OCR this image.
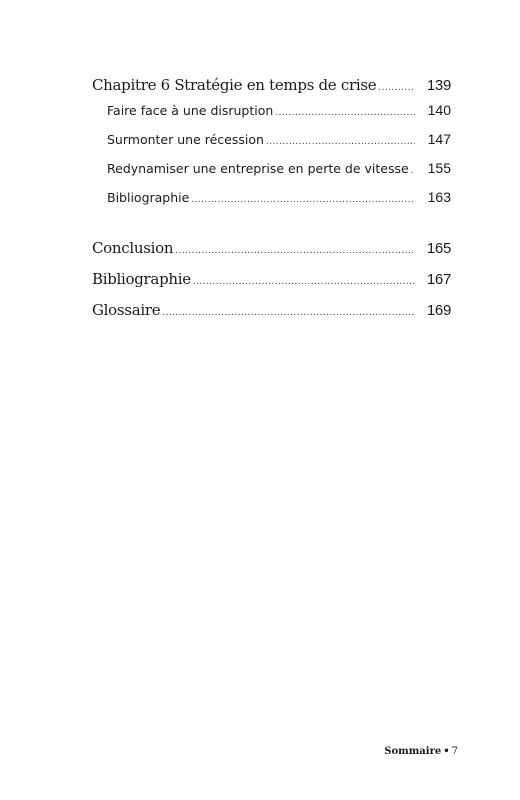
Chapitre 6 Stratégie en temps de crise .....	139
Faire face à une disruption .....	140
Surmonter une récession .....	147
Redynamiser une entreprise en perte de vitesse .....	155
Bibliographie .....	163
Conclusion .....	165
Bibliographie .....	167
Glossaire .....	169
Sommaire • 7
